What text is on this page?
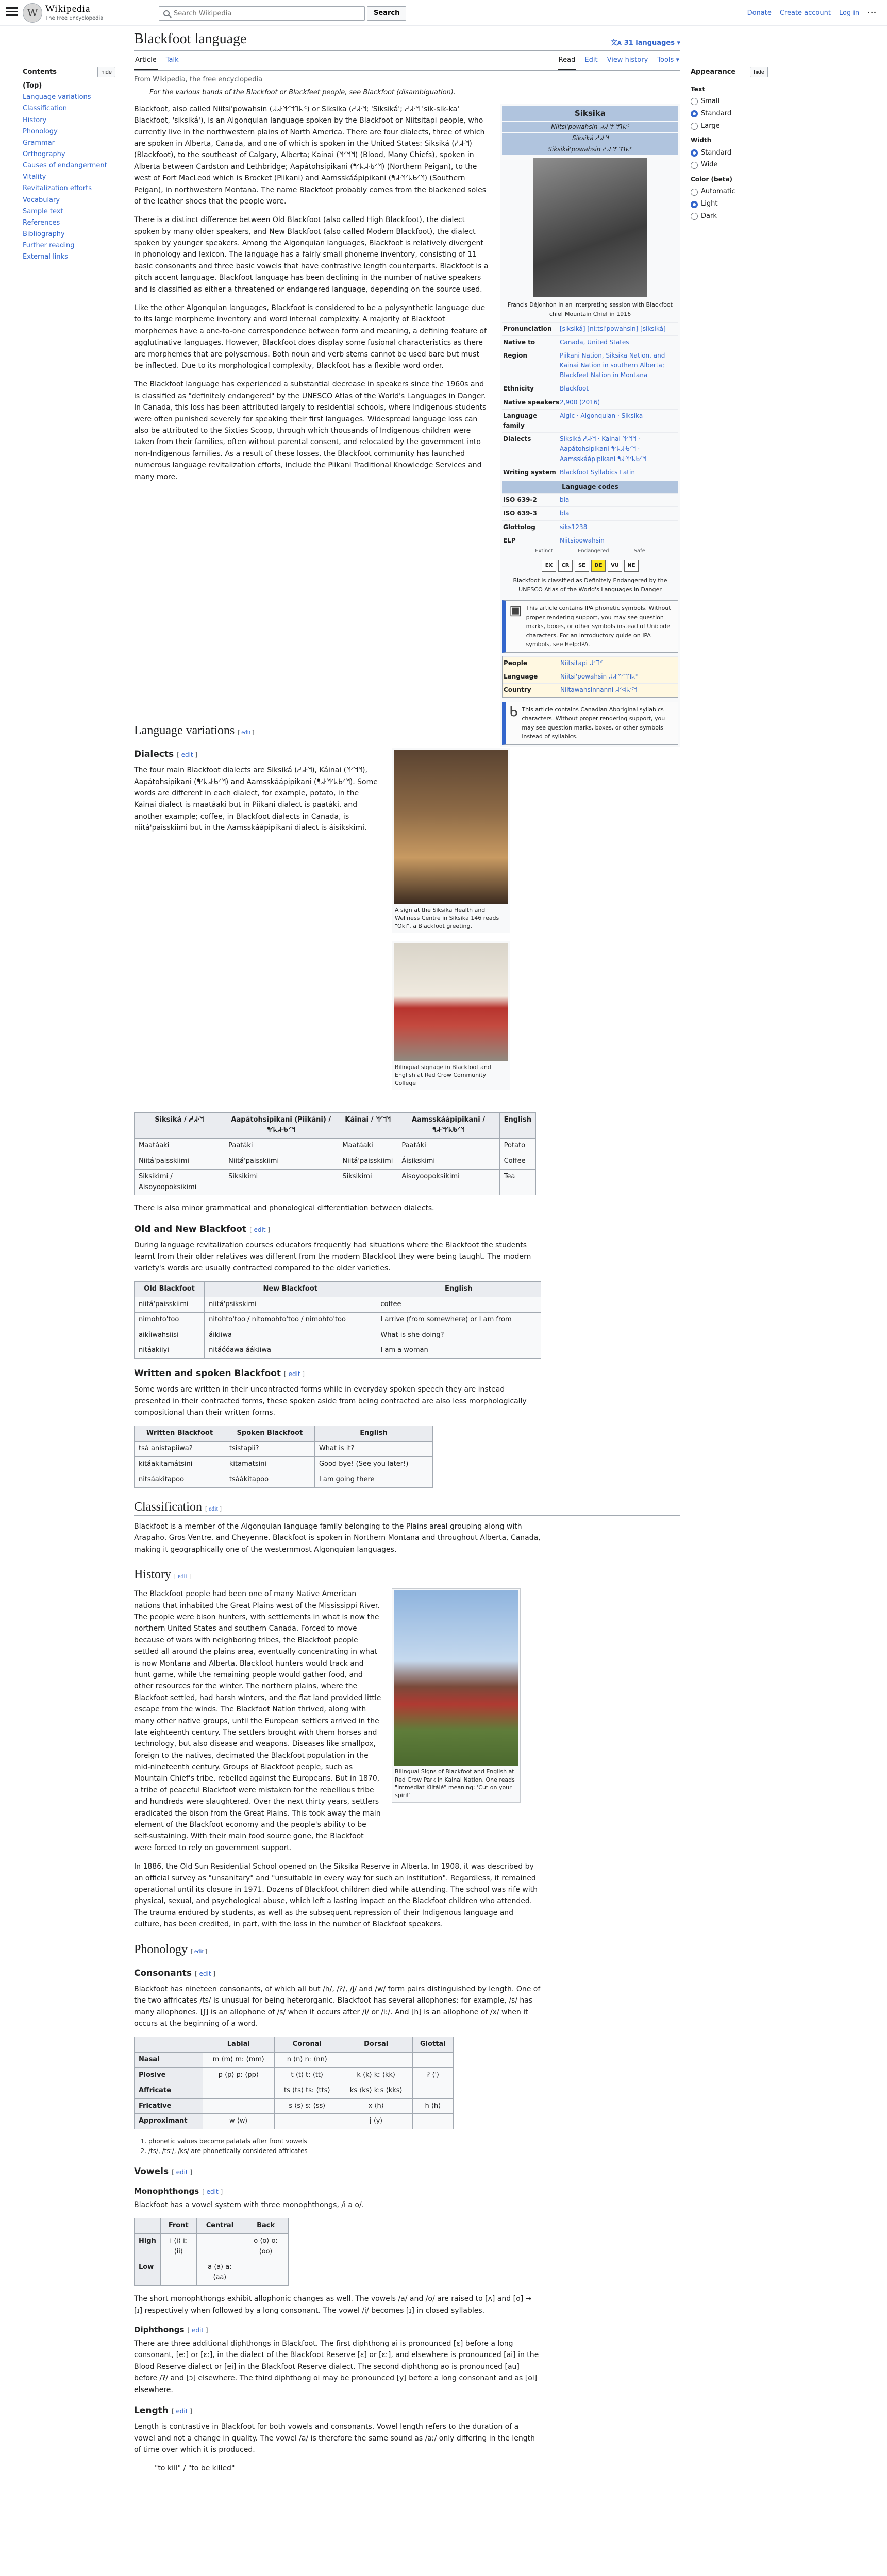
W Wikipedia
The Free Encyclopedia
Search Wikipedia
Search	Donate Create account Log in ···
Contents	hide
(Top)
Language variations
Classification
History
Phonology
Grammar
Orthography
Causes of endangerment
Vitality
Revitalization efforts
Vocabulary
Sample text
References
Bibliography
Further reading
External links
Appearance	hide
Text
Small
Standard
Large
Width
Standard
Wide
Color (beta)
Automatic
Light
Dark
Blackfoot language	文ᴀ 31 languages ▾
Article Talk	Read Edit View history Tools ▾
From Wikipedia, the free encyclopedia
For the various bands of the Blackfoot or Blackfeet people, see Blackfoot (disambiguation).
Siksika
Niitsi'powahsin ᖹᖽᐧᖿᐟᖻᒉᖾᑉ
Siksiká ᓱᖽᐧᖿ
Siksiká'powahsin ᓱᖽᐧᖿᐟᖻᒉᖾᑉ
Francis Déjonhon in an interpreting session with Blackfoot chief Mountain Chief in 1916
Pronunciation	[siksiká] [niːtsiˈpowahsin] [siksiká]
Native to	Canada, United States
Region	Piikani Nation, Siksika Nation, and Kainai Nation in southern Alberta; Blackfeet Nation in Montana
Ethnicity	Blackfoot
Native speakers 2,900 (2016)
Language family
Algic · Algonquian · Siksika
Dialects	Siksiká ᓱᖽᐧᖿ · Kainai ᖿᐟᖻᖿ · Aapátohsipikani ᖳᐟᖾᖽᐧᑲᐟᖿ · Aamsskáápipikani ᖳᖽᐧᖿᐟᖾᑲᐟᖿ
Writing system Blackfoot Syllabics Latin
Language codes
ISO 639-2	bla
ISO 639-3	bla
Glottolog	siks1238
ELP	Niitsipowahsin
Extinct	Endangered	Safe
EX	CR	SE	DE	VU	NE
Blackfoot is classified as Definitely Endangered by the UNESCO Atlas of the World's Languages in Danger
▣ This article contains IPA phonetic symbols. Without proper rendering support, you may see question marks, boxes, or other symbols instead of Unicode characters. For an introductory guide on IPA symbols, see Help:IPA.
People	Niitsitapi ᖹᐟᖷᑉ
Language	Niitsi'powahsin ᖹᖽᐧᖿᐟᖻᒉᖾᑉ
Country	Niitawahsinnanni ᖹᐟᐊᖾᑉᖻ
ᑲ This article contains Canadian Aboriginal syllabics characters. Without proper rendering support, you may see question marks, boxes, or other symbols instead of syllabics.

Blackfoot, also called Niitsi'powahsin (ᖹᖽᐧᖿᐟᖻᒉᖾᑉ) or Siksika (ᓱᖽᐧᖿ; 'Siksiká'; ᓱᖽᐧᖿ 'sik-sik-ka' Blackfoot, 'siksiká'), is an Algonquian language spoken by the Blackfoot or Niitsitapi people, who currently live in the northwestern plains of North America. There are four dialects, three of which are spoken in Alberta, Canada, and one of which is spoken in the United States: Siksiká (ᓱᖽᐧᖿ) (Blackfoot), to the southeast of Calgary, Alberta; Kainai (ᖿᐟᖻᖿ) (Blood, Many Chiefs), spoken in Alberta between Cardston and Lethbridge; Aapátohsipikani (ᖳᐟᖾᖽᐧᑲᐟᖿ) (Northern Peigan), to the west of Fort MacLeod which is Brocket (Piikani) and Aamsskáápipikani (ᖳᖽᐧᖿᐟᖾᑲᐟᖿ) (Southern Peigan), in northwestern Montana. The name Blackfoot probably comes from the blackened soles of the leather shoes that the people wore.

There is a distinct difference between Old Blackfoot (also called High Blackfoot), the dialect spoken by many older speakers, and New Blackfoot (also called Modern Blackfoot), the dialect spoken by younger speakers. Among the Algonquian languages, Blackfoot is relatively divergent in phonology and lexicon. The language has a fairly small phoneme inventory, consisting of 11 basic consonants and three basic vowels that have contrastive length counterparts. Blackfoot is a pitch accent language. Blackfoot language has been declining in the number of native speakers and is classified as either a threatened or endangered language, depending on the source used.

Like the other Algonquian languages, Blackfoot is considered to be a polysynthetic language due to its large morpheme inventory and word internal complexity. A majority of Blackfoot morphemes have a one-to-one correspondence between form and meaning, a defining feature of agglutinative languages. However, Blackfoot does display some fusional characteristics as there are morphemes that are polysemous. Both noun and verb stems cannot be used bare but must be inflected. Due to its morphological complexity, Blackfoot has a flexible word order.

The Blackfoot language has experienced a substantial decrease in speakers since the 1960s and is classified as "definitely endangered" by the UNESCO Atlas of the World's Languages in Danger. In Canada, this loss has been attributed largely to residential schools, where Indigenous students were often punished severely for speaking their first languages. Widespread language loss can also be attributed to the Sixties Scoop, through which thousands of Indigenous children were taken from their families, often without parental consent, and relocated by the government into non-Indigenous families. As a result of these losses, the Blackfoot community has launched numerous language revitalization efforts, include the Piikani Traditional Knowledge Services and many more.

Language variations [ edit ]
A sign at the Siksika Health and Wellness Centre in Siksika 146 reads "Oki", a Blackfoot greeting.
Bilingual signage in Blackfoot and English at Red Crow Community College
Dialects [ edit ]

The four main Blackfoot dialects are Siksiká (ᓱᖽᐧᖿ), Káinai (ᖿᐟᖻᖿ), Aapátohsipikani (ᖳᐟᖾᖽᐧᑲᐟᖿ) and Aamsskáápipikani (ᖳᖽᐧᖿᐟᖾᑲᐟᖿ). Some words are different in each dialect, for example, potato, in the Kainai dialect is maatáaki but in Piikani dialect is paatáki, and another example; coffee, in Blackfoot dialects in Canada, is niitá'paisskiimi but in the Aamsskáápipikani dialect is áisikskimi.

Siksiká / ᓱᖽᐧᖿ	Aapátohsipikani (Piikáni) / ᖳᐟᖾᖽᐧᑲᐟᖿ	Káinai / ᖿᐟᖻᖿ	Aamsskáápipikani / ᖳᖽᐧᖿᐟᖾᑲᐟᖿ	English
Maatáaki	Paatáki	Maatáaki	Paatáki	Potato
Niitá'paisskiimi	Niitá'paisskiimi	Niitá'paisskiimi	Áisikskimi	Coffee
Siksikimi / Aisoyoopoksikimi	Siksikimi	Siksikimi	Aisoyoopoksikimi	Tea

There is also minor grammatical and phonological differentiation between dialects.

Old and New Blackfoot [ edit ]

During language revitalization courses educators frequently had situations where the Blackfoot the students learnt from their older relatives was different from the modern Blackfoot they were being taught. The modern variety's words are usually contracted compared to the older varieties.

Old Blackfoot	New Blackfoot	English
niitá'paisskiimi	niitá'psikskimi	coffee
nimohto'too	nitohto'too / nitomohto'too / nimohto'too	I arrive (from somewhere) or I am from
aikíiwahsiisi	áikiiwa	What is she doing?
nitáakiiyi	nitáóóawa áákiiwa	I am a woman
Written and spoken Blackfoot [ edit ]

Some words are written in their uncontracted forms while in everyday spoken speech they are instead presented in their contracted forms, these spoken aside from being contracted are also less morphologically compositional than their written forms.

Written Blackfoot	Spoken Blackfoot	English
tsá anistapiiwa?	tsistapii?	What is it?
kitáakitamátsini	kitamatsini	Good bye! (See you later!)
nitsáakitapoo	tsáákitapoo	I am going there
Classification [ edit ]

Blackfoot is a member of the Algonquian language family belonging to the Plains areal grouping along with Arapaho, Gros Ventre, and Cheyenne. Blackfoot is spoken in Northern Montana and throughout Alberta, Canada, making it geographically one of the westernmost Algonquian languages.

History [ edit ]
Bilingual Signs of Blackfoot and English at Red Crow Park in Kainai Nation. One reads "Immédiat Kiitálé" meaning: 'Cut on your spirit'

The Blackfoot people had been one of many Native American nations that inhabited the Great Plains west of the Mississippi River. The people were bison hunters, with settlements in what is now the northern United States and southern Canada. Forced to move because of wars with neighboring tribes, the Blackfoot people settled all around the plains area, eventually concentrating in what is now Montana and Alberta. Blackfoot hunters would track and hunt game, while the remaining people would gather food, and other resources for the winter. The northern plains, where the Blackfoot settled, had harsh winters, and the flat land provided little escape from the winds. The Blackfoot Nation thrived, along with many other native groups, until the European settlers arrived in the late eighteenth century. The settlers brought with them horses and technology, but also disease and weapons. Diseases like smallpox, foreign to the natives, decimated the Blackfoot population in the mid-nineteenth century. Groups of Blackfoot people, such as Mountain Chief's tribe, rebelled against the Europeans. But in 1870, a tribe of peaceful Blackfoot were mistaken for the rebellious tribe and hundreds were slaughtered. Over the next thirty years, settlers eradicated the bison from the Great Plains. This took away the main element of the Blackfoot economy and the people's ability to be self-sustaining. With their main food source gone, the Blackfoot were forced to rely on government support.

In 1886, the Old Sun Residential School opened on the Siksika Reserve in Alberta. In 1908, it was described by an official survey as "unsanitary" and "unsuitable in every way for such an institution". Regardless, it remained operational until its closure in 1971. Dozens of Blackfoot children died while attending. The school was rife with physical, sexual, and psychological abuse, which left a lasting impact on the Blackfoot children who attended. The trauma endured by students, as well as the subsequent repression of their Indigenous language and culture, has been credited, in part, with the loss in the number of Blackfoot speakers.

Phonology [ edit ]
Consonants [ edit ]

Blackfoot has nineteen consonants, of which all but /h/, /ʔ/, /j/ and /w/ form pairs distinguished by length. One of the two affricates /ts/ is unusual for being heterorganic. Blackfoot has several allophones: for example, /s/ has many allophones. [ʃ] is an allophone of /s/ when it occurs after /i/ or /iː/. And [h] is an allophone of /x/ when it occurs at the beginning of a word.

	Labial	Coronal	Dorsal	Glottal
Nasal	m ⟨m⟩ mː ⟨mm⟩	n ⟨n⟩ nː ⟨nn⟩		
Plosive	p ⟨p⟩ pː ⟨pp⟩	t ⟨t⟩ tː ⟨tt⟩	k ⟨k⟩ kː ⟨kk⟩	ʔ ⟨'⟩
Affricate		ts ⟨ts⟩ tsː ⟨tts⟩	ks ⟨ks⟩ kːs ⟨kks⟩	
Fricative		s ⟨s⟩ sː ⟨ss⟩	x ⟨h⟩	h ⟨h⟩
Approximant	w ⟨w⟩		j ⟨y⟩	
1. phonetic values become palatals after front vowels
2. /ts/, /tsː/, /ks/ are phonetically considered affricates
Vowels [ edit ]
Monophthongs [ edit ]

Blackfoot has a vowel system with three monophthongs, /i a o/.

	Front	Central	Back
High	i ⟨i⟩ iː ⟨ii⟩		o ⟨o⟩ oː ⟨oo⟩
Low		a ⟨a⟩ aː ⟨aa⟩	

The short monophthongs exhibit allophonic changes as well. The vowels /a/ and /o/ are raised to [ʌ] and [ʊ] → [ɪ] respectively when followed by a long consonant. The vowel /i/ becomes [ɪ] in closed syllables.

Diphthongs [ edit ]

There are three additional diphthongs in Blackfoot. The first diphthong ai is pronounced [ɛ] before a long consonant, [eː] or [ɛː], in the dialect of the Blackfoot Reserve [ɛ] or [ɛː], and elsewhere is pronounced [ai] in the Blood Reserve dialect or [ei] in the Blackfoot Reserve dialect. The second diphthong ao is pronounced [au] before /ʔ/ and [ɔ] elsewhere. The third diphthong oi may be pronounced [y] before a long consonant and as [ɵi] elsewhere.

Length [ edit ]

Length is contrastive in Blackfoot for both vowels and consonants. Vowel length refers to the duration of a vowel and not a change in quality. The vowel /a/ is therefore the same sound as /aː/ only differing in the length of time over which it is produced.

"to kill" / "to be killed"
